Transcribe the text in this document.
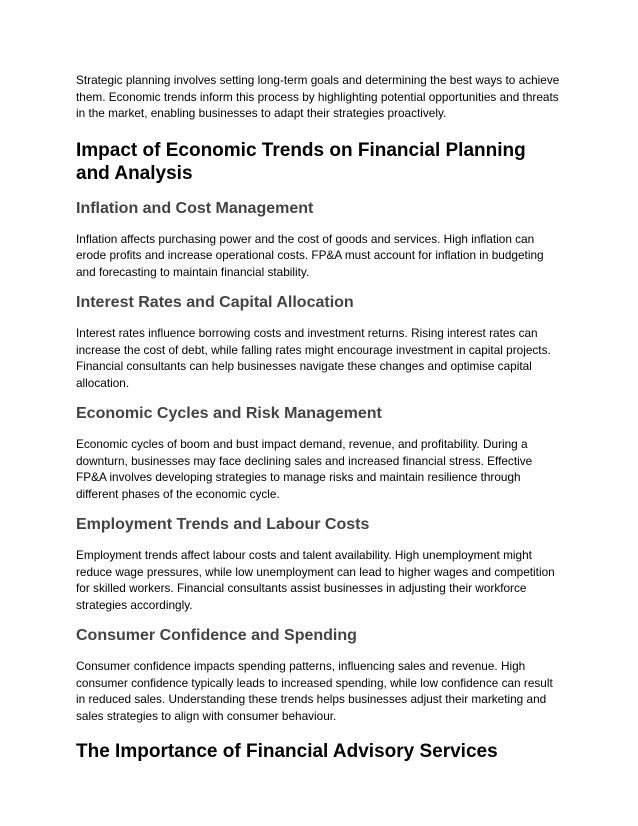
Strategic planning involves setting long-term goals and determining the best ways to achieve them. Economic trends inform this process by highlighting potential opportunities and threats in the market, enabling businesses to adapt their strategies proactively.

Impact of Economic Trends on Financial Planning and Analysis
Inflation and Cost Management

Inflation affects purchasing power and the cost of goods and services. High inflation can erode profits and increase operational costs. FP&A must account for inflation in budgeting and forecasting to maintain financial stability.

Interest Rates and Capital Allocation

Interest rates influence borrowing costs and investment returns. Rising interest rates can increase the cost of debt, while falling rates might encourage investment in capital projects. Financial consultants can help businesses navigate these changes and optimise capital allocation.

Economic Cycles and Risk Management

Economic cycles of boom and bust impact demand, revenue, and profitability. During a downturn, businesses may face declining sales and increased financial stress. Effective FP&A involves developing strategies to manage risks and maintain resilience through different phases of the economic cycle.

Employment Trends and Labour Costs

Employment trends affect labour costs and talent availability. High unemployment might reduce wage pressures, while low unemployment can lead to higher wages and competition for skilled workers. Financial consultants assist businesses in adjusting their workforce strategies accordingly.

Consumer Confidence and Spending

Consumer confidence impacts spending patterns, influencing sales and revenue. High consumer confidence typically leads to increased spending, while low confidence can result in reduced sales. Understanding these trends helps businesses adjust their marketing and sales strategies to align with consumer behaviour.

The Importance of Financial Advisory Services
